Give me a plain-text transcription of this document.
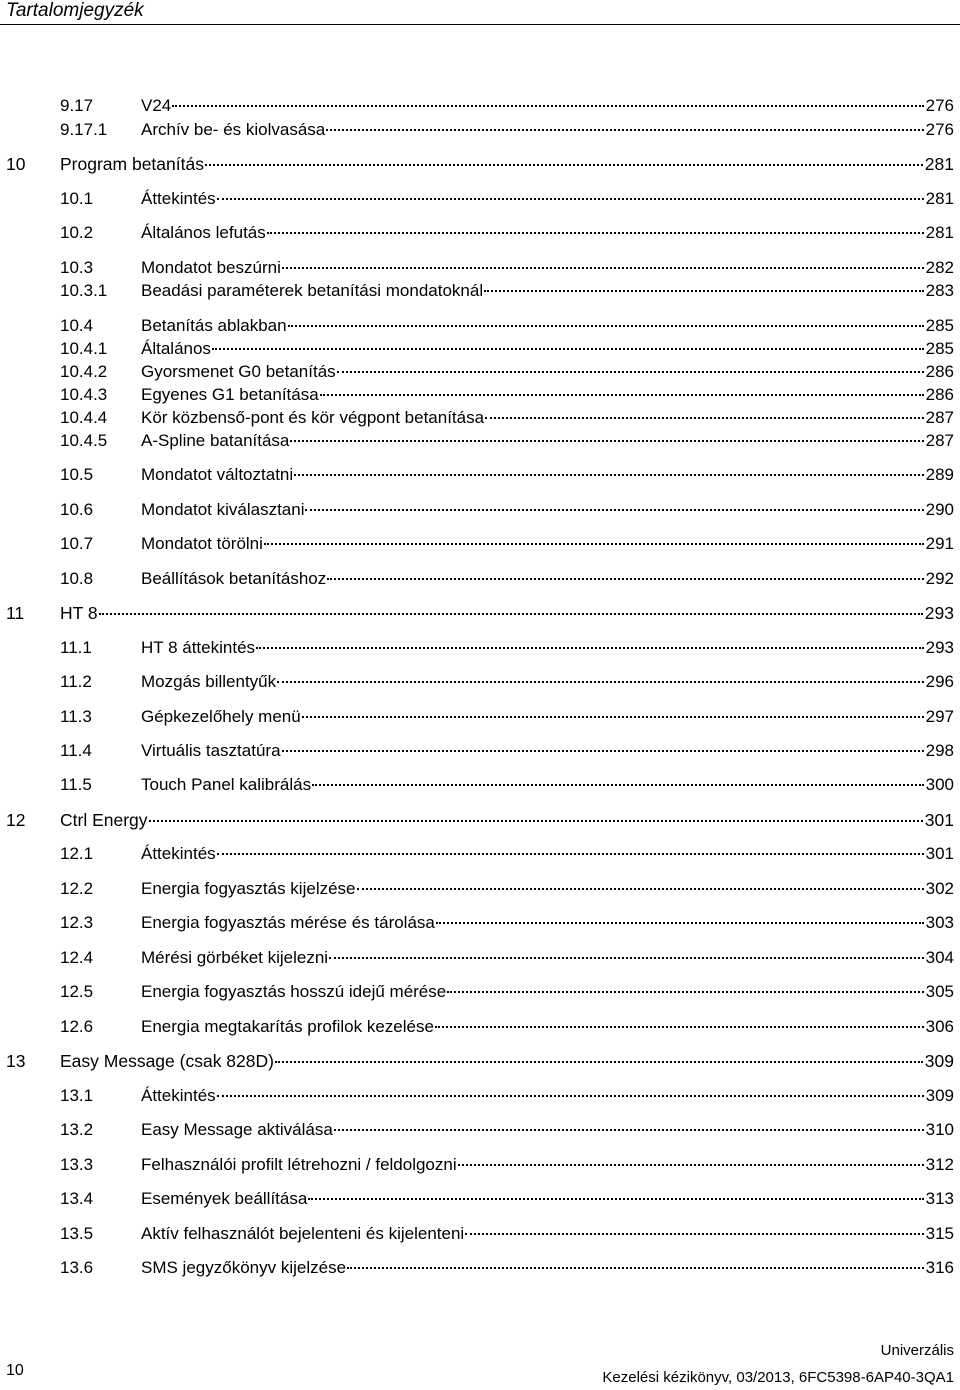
Tartalomjegyzék
9.17	V24	276
9.17.1 Archív be- és kiolvasása	276
10 Program betanítás	281
10.1	Áttekintés	281
10.2	Általános lefutás	281
10.3	Mondatot beszúrni	282
10.3.1 Beadási paraméterek betanítási mondatoknál	283
10.4	Betanítás ablakban	285
10.4.1 Általános	285
10.4.2 Gyorsmenet G0 betanítás	286
10.4.3 Egyenes G1 betanítása	286
10.4.4 Kör közbenső-pont és kör végpont betanítása	287
10.4.5 A-Spline batanítása	287
10.5	Mondatot változtatni	289
10.6	Mondatot kiválasztani	290
10.7	Mondatot törölni	291
10.8	Beállítások betanításhoz	292
11 HT 8	293
11.1	HT 8 áttekintés	293
11.2	Mozgás billentyűk	296
11.3	Gépkezelőhely menü	297
11.4	Virtuális tasztatúra	298
11.5	Touch Panel kalibrálás	300
12 Ctrl Energy	301
12.1	Áttekintés	301
12.2	Energia fogyasztás kijelzése	302
12.3	Energia fogyasztás mérése és tárolása	303
12.4	Mérési görbéket kijelezni	304
12.5	Energia fogyasztás hosszú idejű mérése	305
12.6	Energia megtakarítás profilok kezelése	306
13 Easy Message (csak 828D)	309
13.1	Áttekintés	309
13.2	Easy Message aktiválása	310
13.3	Felhasználói profilt létrehozni / feldolgozni	312
13.4	Események beállítása	313
13.5	Aktív felhasználót bejelenteni és kijelenteni	315
13.6	SMS jegyzőkönyv kijelzése	316
Univerzális
Kezelési kézikönyv, 03/2013, 6FC5398-6AP40-3QA1
10
